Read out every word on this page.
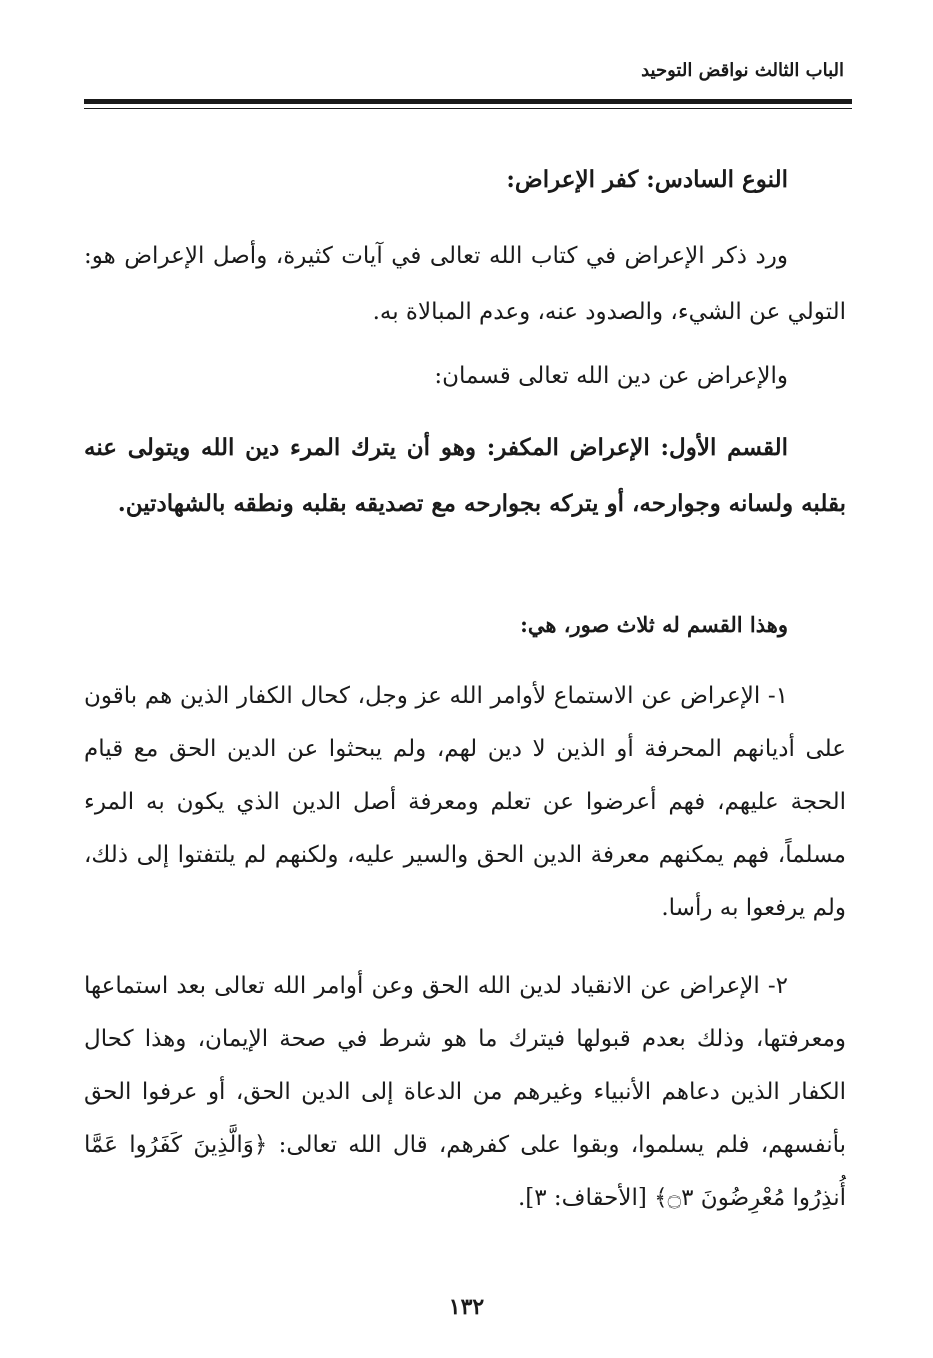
الباب الثالث نواقض التوحيد
النوع السادس: كفر الإعراض:
ورد ذكر الإعراض في كتاب الله تعالى في آيات كثيرة، وأصل الإعراض هو: التولي عن الشيء، والصدود عنه، وعدم المبالاة به.
والإعراض عن دين الله تعالى قسمان:
القسم الأول: الإعراض المكفر: وهو أن يترك المرء دين الله ويتولى عنه بقلبه ولسانه وجوارحه، أو يتركه بجوارحه مع تصديقه بقلبه ونطقه بالشهادتين.
وهذا القسم له ثلاث صور، هي:
١- الإعراض عن الاستماع لأوامر الله عز وجل، كحال الكفار الذين هم باقون على أديانهم المحرفة أو الذين لا دين لهم، ولم يبحثوا عن الدين الحق مع قيام الحجة عليهم، فهم أعرضوا عن تعلم ومعرفة أصل الدين الذي يكون به المرء مسلماً، فهم يمكنهم معرفة الدين الحق والسير عليه، ولكنهم لم يلتفتوا إلى ذلك، ولم يرفعوا به رأسا.
٢- الإعراض عن الانقياد لدين الله الحق وعن أوامر الله تعالى بعد استماعها ومعرفتها، وذلك بعدم قبولها فيترك ما هو شرط في صحة الإيمان، وهذا كحال الكفار الذين دعاهم الأنبياء وغيرهم من الدعاة إلى الدين الحق، أو عرفوا الحق بأنفسهم، فلم يسلموا، وبقوا على كفرهم، قال الله تعالى: ﴿وَالَّذِينَ كَفَرُوا عَمَّا أُنذِرُوا مُعْرِضُونَ ۝٣﴾ [الأحقاف: ٣].
١٣٢
